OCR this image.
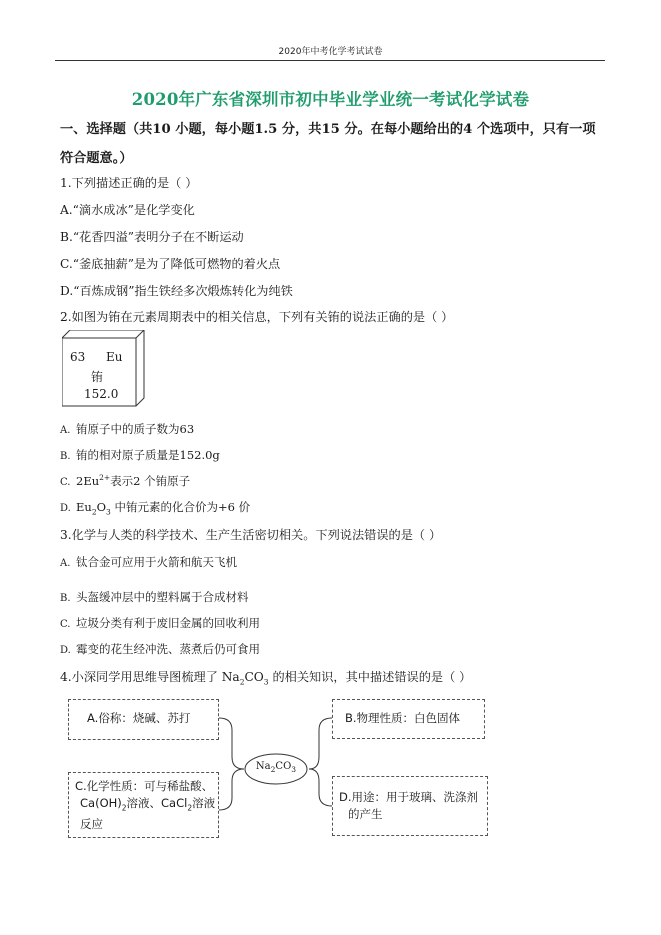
2020年中考化学考试试卷
2020年广东省深圳市初中毕业学业统一考试化学试卷
一、选择题（共10 小题，每小题1.5 分，共15 分。在每小题给出的4 个选项中，只有一项
符合题意。）
1.下列描述正确的是（ ）
A.“滴水成冰”是化学变化
B.“花香四溢”表明分子在不断运动
C.“釜底抽薪”是为了降低可燃物的着火点
D.“百炼成钢”指生铁经多次煅炼转化为纯铁
2.如图为铕在元素周期表中的相关信息，下列有关铕的说法正确的是（ ）
63 Eu
铕
152.0
A. 铕原子中的质子数为63
B. 铕的相对原子质量是152.0g
C. $2Eu^{2+}$表示2 个铕原子
D. $Eu_2O_3$ 中铕元素的化合价为+6 价
3.化学与人类的科学技术、生产生活密切相关。下列说法错误的是（ ）
A. 钛合金可应用于火箭和航天飞机
B. 头盔缓冲层中的塑料属于合成材料
C. 垃圾分类有利于废旧金属的回收利用
D. 霉变的花生经冲洗、蒸煮后仍可食用
4.小深同学用思维导图梳理了 $Na_2CO_3$ 的相关知识，其中描述错误的是（ ）
$Na_2CO_3$
A.俗称：烧碱、苏打	B.物理性质：白色固体
C.化学性质：可与稀盐酸、
$Ca(OH)_2$溶液、CaCl$_2$溶液
反应
D.用途：用于玻璃、洗涤剂
的产生
